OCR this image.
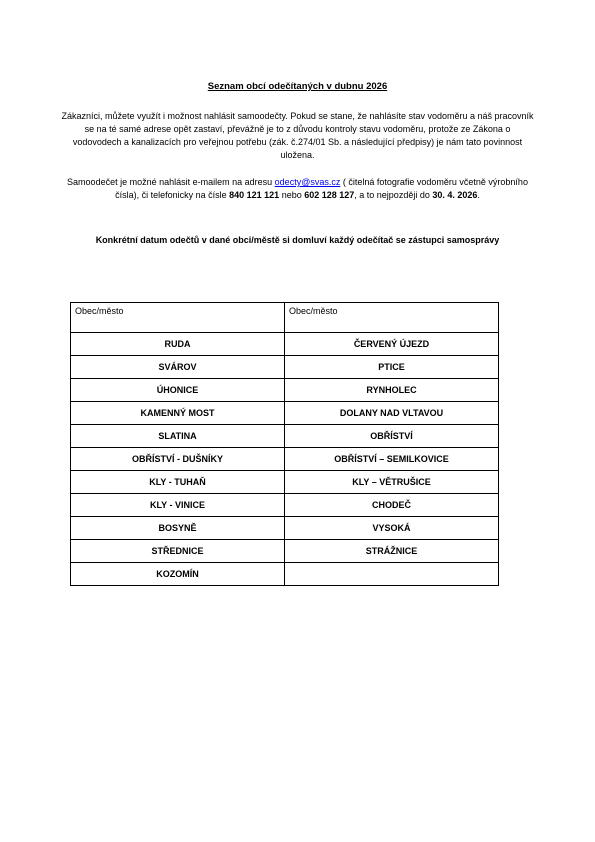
Seznam obcí odečítaných v dubnu 2026
Zákazníci, můžete využít i možnost nahlásit samoodečty. Pokud se stane, že nahlásíte stav vodoměru a náš pracovník se na té samé adrese opět zastaví, převážně je to z důvodu kontroly stavu vodoměru, protože ze Zákona o vodovodech a kanalizacích pro veřejnou potřebu (zák. č.274/01 Sb. a následující předpisy) je nám tato povinnost uložena.
Samoodečet je možné nahlásit e-mailem na adresu odecty@svas.cz ( čitelná fotografie vodoměru včetně výrobního čísla), či telefonicky na čísle 840 121 121 nebo 602 128 127, a to nejpozději do 30. 4. 2026.
Konkrétní datum odečtů v dané obci/městě si domluví každý odečítač se zástupci samosprávy
Obec/město	Obec/město
RUDA	ČERVENÝ ÚJEZD
SVÁROV	PTICE
ÚHONICE	RYNHOLEC
KAMENNÝ MOST	DOLANY NAD VLTAVOU
SLATINA	OBŘÍSTVÍ
OBŘÍSTVÍ - DUŠNÍKY	OBŘÍSTVÍ – SEMILKOVICE
KLY - TUHAŇ	KLY – VĚTRUŠICE
KLY - VINICE	CHODEČ
BOSYNĚ	VYSOKÁ
STŘEDNICE	STRÁŽNICE
KOZOMÍN	
